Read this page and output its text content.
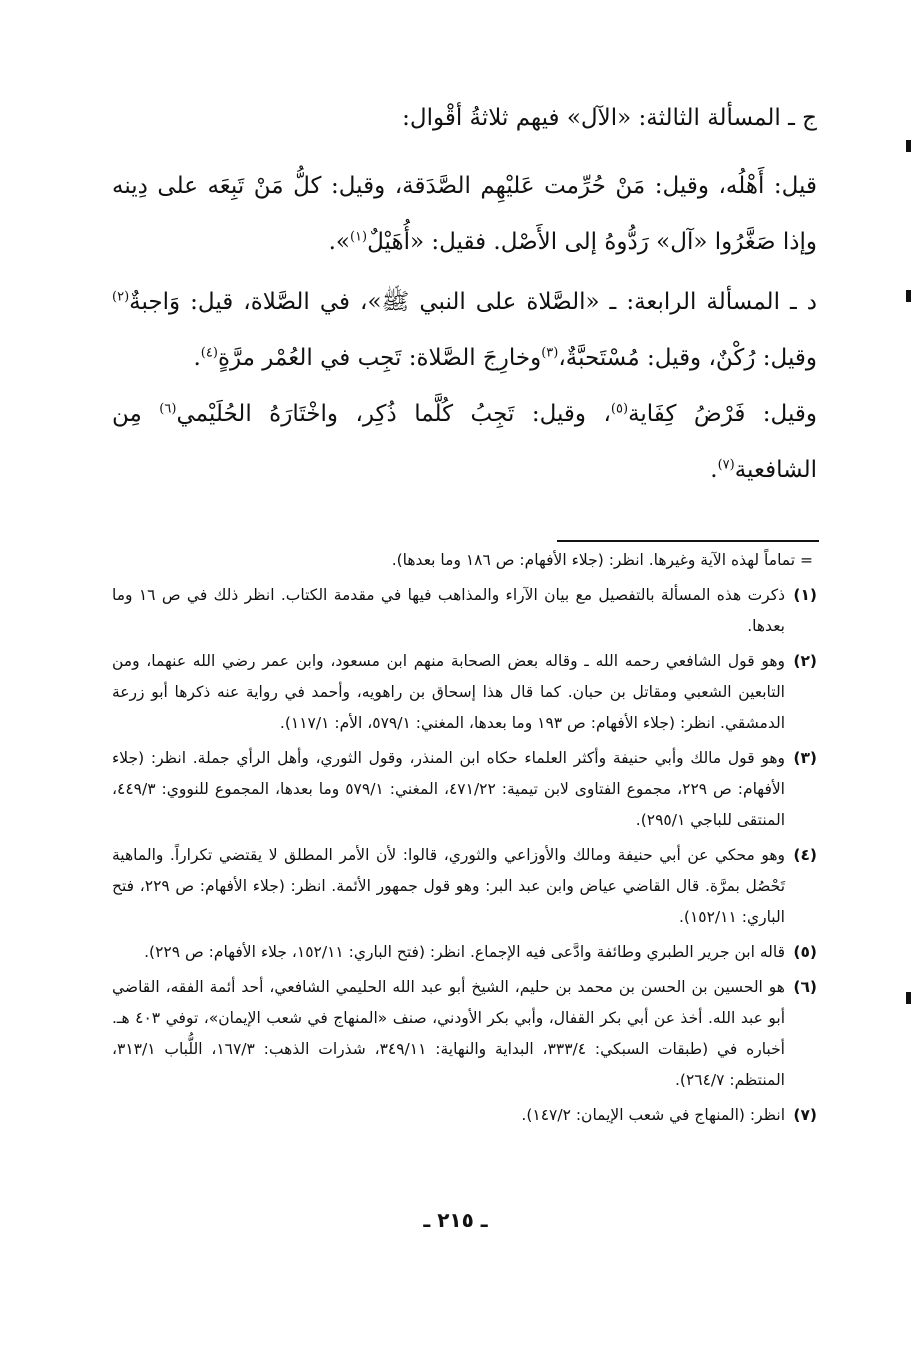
ج ـ المسألة الثالثة: «الآل» فيهم ثلاثةُ أقْوال:

قيل: أَهْلُه، وقيل: مَنْ حُرِّمت عَليْهِم الصَّدَقة، وقيل: كلُّ مَنْ تَبِعَه على دِينه وإذا صَغَّرُوا «آل» رَدُّوهُ إلى الأَصْل. فقيل: «أُهَيْلٌ$^{(١)}$».

د ـ المسألة الرابعة: ـ «الصَّلاة على النبي ﷺ»، في الصَّلاة، قيل: وَاجبةٌ$^{(٢)}$ وقيل: رُكْنٌ، وقيل: مُسْتَحبَّةٌ،$^{(٣)}$وخارِجَ الصَّلاة: تَجِب في العُمْر مرَّةٍ$^{(٤)}$.

وقيل: فَرْضُ كِفَاية$^{(٥)}$، وقيل: تَجِبُ كُلَّما ذُكِر، واخْتَارَهُ الحُلَيْمي$^{(٦)}$ مِن الشافعية$^{(٧)}$.

= تماماً لهذه الآية وغيرها. انظر: (جلاء الأفهام: ص ١٨٦ وما بعدها).

(١)
ذكرت هذه المسألة بالتفصيل مع بيان الآراء والمذاهب فيها في مقدمة الكتاب. انظر ذلك في ص ١٦ وما بعدها.

(٢)
وهو قول الشافعي رحمه الله ـ وقاله بعض الصحابة منهم ابن مسعود، وابن عمر رضي الله عنهما، ومن التابعين الشعبي ومقاتل بن حبان. كما قال هذا إسحاق بن راهويه، وأحمد في رواية عنه ذكرها أبو زرعة الدمشقي. انظر: (جلاء الأفهام: ص ١٩٣ وما بعدها، المغني: ٥٧٩/١، الأم: ١١٧/١).

(٣)
وهو قول مالك وأبي حنيفة وأكثر العلماء حكاه ابن المنذر، وقول الثوري، وأهل الرأي جملة. انظر: (جلاء الأفهام: ص ٢٢٩، مجموع الفتاوى لابن تيمية: ٤٧١/٢٢، المغني: ٥٧٩/١ وما بعدها، المجموع للنووي: ٤٤٩/٣، المنتقى للباجي ٢٩٥/١).

(٤)
وهو محكي عن أبي حنيفة ومالك والأوزاعي والثوري، قالوا: لأن الأمر المطلق لا يقتضي تكراراً. والماهية تَحْصُل بمرَّة. قال القاضي عياض وابن عبد البر: وهو قول جمهور الأئمة. انظر: (جلاء الأفهام: ص ٢٢٩، فتح الباري: ١٥٢/١١).

(٥)
قاله ابن جرير الطبري وطائفة وادَّعى فيه الإجماع. انظر: (فتح الباري: ١٥٢/١١، جلاء الأفهام: ص ٢٢٩).

(٦)
هو الحسين بن الحسن بن محمد بن حليم، الشيخ أبو عبد الله الحليمي الشافعي، أحد أئمة الفقه، القاضي أبو عبد الله. أخذ عن أبي بكر القفال، وأبي بكر الأودني، صنف «المنهاج في شعب الإيمان»، توفي ٤٠٣ هـ. أخباره في (طبقات السبكي: ٣٣٣/٤، البداية والنهاية: ٣٤٩/١١، شذرات الذهب: ١٦٧/٣، اللُّباب ٣١٣/١، المنتظم: ٢٦٤/٧).

(٧)
انظر: (المنهاج في شعب الإيمان: ١٤٧/٢).

ـ ٢١٥ ـ
